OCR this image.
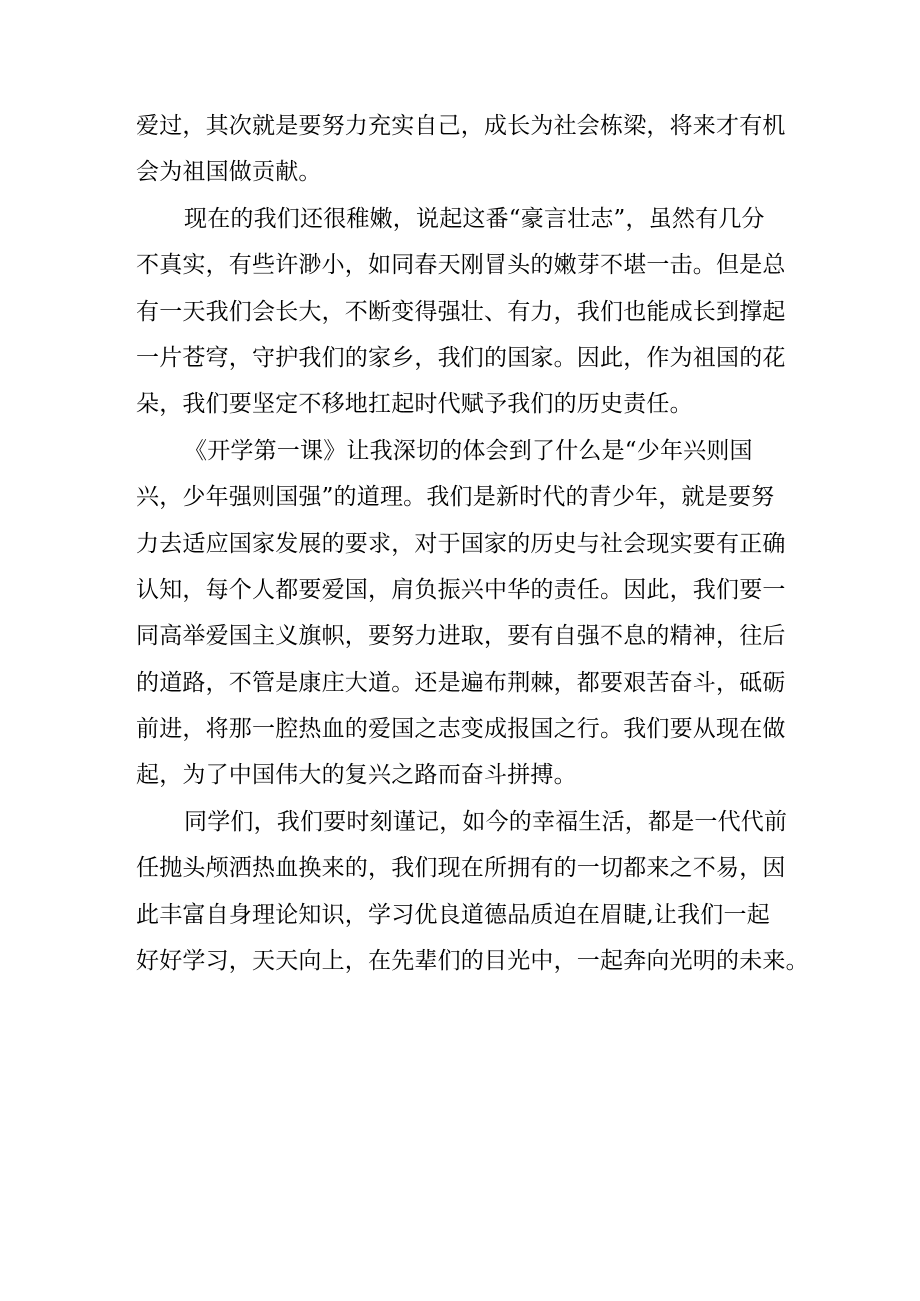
爱过，其次就是要努力充实自己，成长为社会栋梁，将来才有机
会为祖国做贡献。
现在的我们还很稚嫩，说起这番“豪言壮志”，虽然有几分
不真实，有些许渺小，如同春天刚冒头的嫩芽不堪一击。但是总
有一天我们会长大，不断变得强壮、有力，我们也能成长到撑起
一片苍穹，守护我们的家乡，我们的国家。因此，作为祖国的花
朵，我们要坚定不移地扛起时代赋予我们的历史责任。
《开学第一课》让我深切的体会到了什么是“少年兴则国
兴，少年强则国强”的道理。我们是新时代的青少年，就是要努
力去适应国家发展的要求，对于国家的历史与社会现实要有正确
认知，每个人都要爱国，肩负振兴中华的责任。因此，我们要一
同高举爱国主义旗帜，要努力进取，要有自强不息的精神，往后
的道路，不管是康庄大道。还是遍布荆棘，都要艰苦奋斗，砥砺
前进，将那一腔热血的爱国之志变成报国之行。我们要从现在做
起，为了中国伟大的复兴之路而奋斗拼搏。
同学们，我们要时刻谨记，如今的幸福生活，都是一代代前
任抛头颅洒热血换来的，我们现在所拥有的一切都来之不易，因
此丰富自身理论知识，学习优良道德品质迫在眉睫,让我们一起
好好学习，天天向上，在先辈们的目光中，一起奔向光明的未来。
